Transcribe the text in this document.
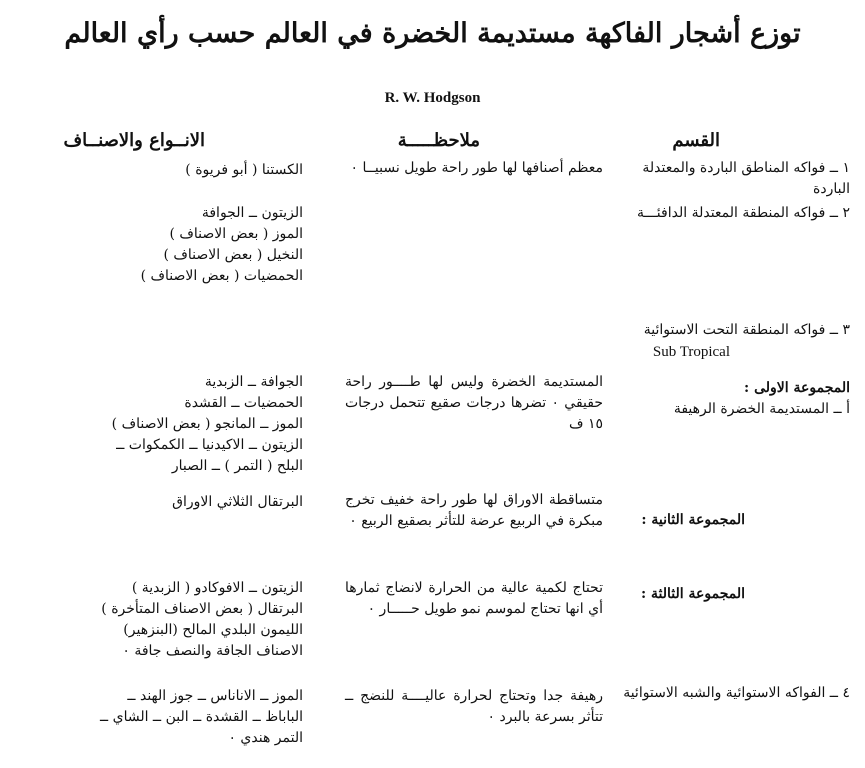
توزع أشجار الفاكهة مستديمة الخضرة في العالم حسب رأي العالم
R. W. Hodgson
القسم
ملاحظـــــة
الانــواع والاصنــاف
١ ــ فواكه المناطق الباردة والمعتدلة الباردة
معظم أصنافها لها طور راحة طويل نسبيــا ٠
الكستنا ( أبو فريوة )
٢ ــ فواكه المنطقة المعتدلة الدافئـــة
الزيتون ــ الجوافة
الموز ( بعض الاصناف )
النخيل ( بعض الاصناف )
الحمضيات ( بعض الاصناف )
٣ ــ فواكه المنطقة التحت الاستوائية
Sub Tropical
المجموعة الاولى :
أ ــ المستديمة الخضرة الرهيفة
المستديمة الخضرة وليس لها طــــور راحة حقيقي ٠ تضرها درجات صقيع تتحمل درجات ١٥ ف
الجوافة ــ الزبدية
الحمضيات ــ القشدة
الموز ــ المانجو ( بعض الاصناف )
الزيتون ــ الاكيدنيا ــ الكمكوات ــ
البلح ( التمر ) ــ الصبار
المجموعة الثانية :
متساقطة الاوراق لها طور راحة خفيف تخرج مبكرة في الربيع عرضة للتأثر بصقيع الربيع ٠
البرتقال الثلاثي الاوراق
المجموعة الثالثة :
تحتاج لكمية عالية من الحرارة لانضاج ثمارها أي انها تحتاج لموسم نمو طويل حـــــار ٠
الزيتون ــ الافوكادو ( الزبدية )
البرتقال ( بعض الاصناف المتأخرة )
الليمون البلدي المالح (البنزهير)
الاصناف الجافة والنصف جافة ٠
٤ ــ الفواكه الاستوائية والشبه الاستوائية
رهيفة جدا وتحتاج لحرارة عاليــــة للنضج ــ تتأثر بسرعة بالبرد ٠
الموز ــ الاناناس ــ جوز الهند ــ
الباباظ ــ القشدة ــ البن ــ الشاي ــ
التمر هندي ٠
